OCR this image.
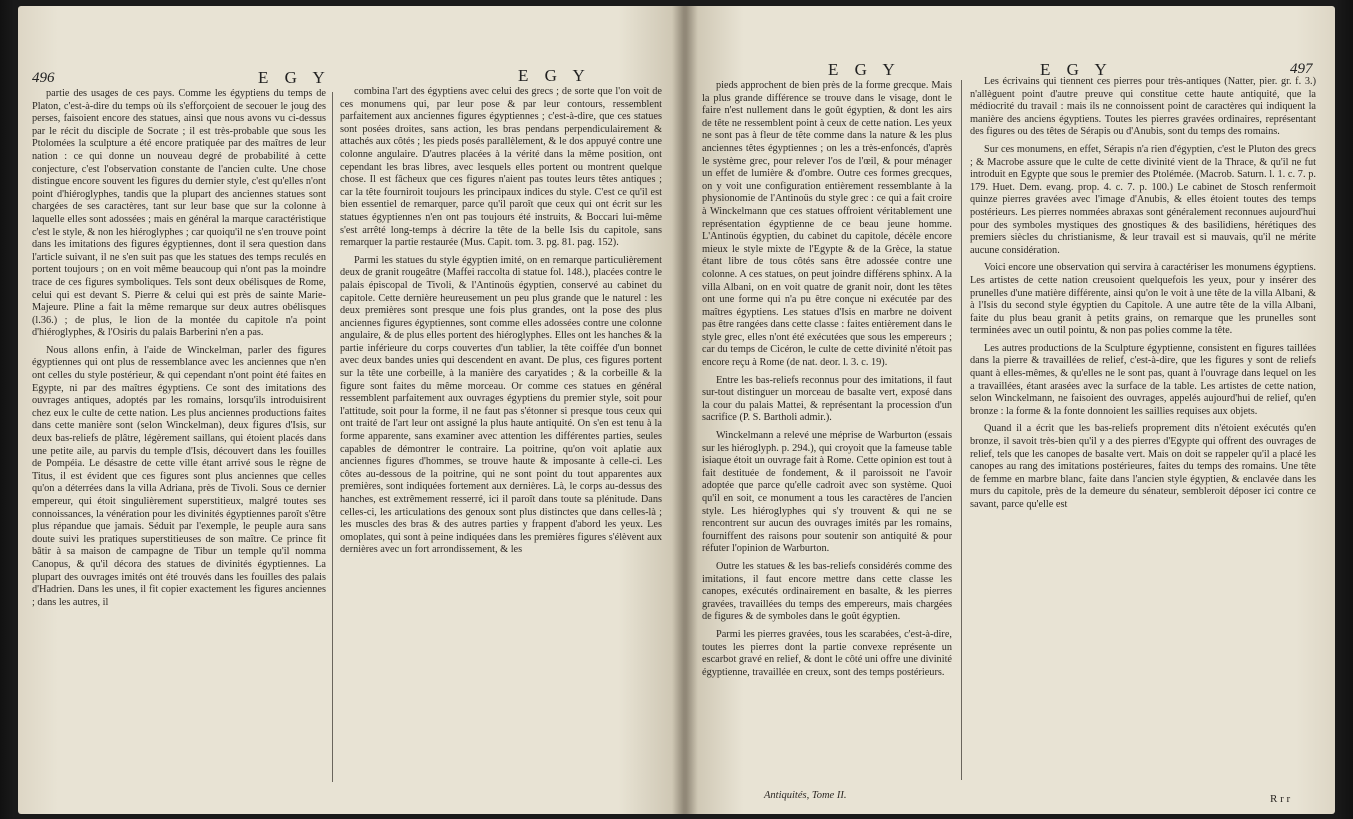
496	E G Y	E G Y

partie des usages de ces pays. Comme les égyptiens du temps de Platon, c'est-à-dire du temps où ils s'efforçoient de secouer le joug des perses, faisoient encore des statues, ainsi que nous avons vu ci-dessus par le récit du disciple de Socrate ; il est très-probable que sous les Ptolomées la sculpture a été encore pratiquée par des maîtres de leur nation : ce qui donne un nouveau degré de probabilité à cette conjecture, c'est l'observation constante de l'ancien culte. Une chose distingue encore souvent les figures du dernier style, c'est qu'elles n'ont point d'hiéroglyphes, tandis que la plupart des anciennes statues sont chargées de ses caractères, tant sur leur base que sur la colonne à laquelle elles sont adossées ; mais en général la marque caractéristique c'est le style, & non les hiéroglyphes ; car quoiqu'il ne s'en trouve point dans les imitations des figures égyptiennes, dont il sera question dans l'article suivant, il ne s'en suit pas que les statues des temps reculés en portent toujours ; on en voit même beaucoup qui n'ont pas la moindre trace de ces figures symboliques. Tels sont deux obélisques de Rome, celui qui est devant S. Pierre & celui qui est près de sainte Marie-Majeure. Pline a fait la même remarque sur deux autres obélisques (l.36.) ; de plus, le lion de la montée du capitole n'a point d'hiéroglyphes, & l'Osiris du palais Barberini n'en a pas.

Nous allons enfin, à l'aide de Winckelman, parler des figures égyptiennes qui ont plus de ressemblance avec les anciennes que n'en ont celles du style postérieur, & qui cependant n'ont point été faites en Egypte, ni par des maîtres égyptiens. Ce sont des imitations des ouvrages antiques, adoptés par les romains, lorsqu'ils introduisirent chez eux le culte de cette nation. Les plus anciennes productions faites dans cette manière sont (selon Winckelman), deux figures d'Isis, sur deux bas-reliefs de plâtre, légèrement saillans, qui étoient placés dans une petite aile, au parvis du temple d'Isis, découvert dans les fouilles de Pompéia. Le désastre de cette ville étant arrivé sous le règne de Titus, il est évident que ces figures sont plus anciennes que celles qu'on a déterrées dans la villa Adriana, près de Tivoli. Sous ce dernier empereur, qui étoit singulièrement superstitieux, malgré toutes ses connoissances, la vénération pour les divinités égyptiennes paroît s'être plus répandue que jamais. Séduit par l'exemple, le peuple aura sans doute suivi les pratiques superstitieuses de son maître. Ce prince fit bâtir à sa maison de campagne de Tibur un temple qu'il nomma Canopus, & qu'il décora des statues de divinités égyptiennes. La plupart des ouvrages imités ont été trouvés dans les fouilles des palais d'Hadrien. Dans les unes, il fit copier exactement les figures anciennes ; dans les autres, il

combina l'art des égyptiens avec celui des grecs ; de sorte que l'on voit de ces monumens qui, par leur pose & par leur contours, ressemblent parfaitement aux anciennes figures égyptiennes ; c'est-à-dire, que ces statues sont posées droites, sans action, les bras pendans perpendiculairement & attachés aux côtés ; les pieds posés parallèlement, & le dos appuyé contre une colonne angulaire. D'autres placées à la vérité dans la même position, ont cependant les bras libres, avec lesquels elles portent ou montrent quelque chose. Il est fâcheux que ces figures n'aient pas toutes leurs têtes antiques ; car la tête fourniroit toujours les principaux indices du style. C'est ce qu'il est bien essentiel de remarquer, parce qu'il paroît que ceux qui ont écrit sur les statues égyptiennes n'en ont pas toujours été instruits, & Boccari lui-même s'est arrêté long-temps à décrire la tête de la belle Isis du capitole, sans remarquer la partie restaurée (Mus. Capit. tom. 3. pg. 81. pag. 152).

Parmi les statues du style égyptien imité, on en remarque particulièrement deux de granit rougeâtre (Maffei raccolta di statue fol. 148.), placées contre le palais épiscopal de Tivoli, & l'Antinoüs égyptien, conservé au cabinet du capitole. Cette dernière heureusement un peu plus grande que le naturel : les deux premières sont presque une fois plus grandes, ont la pose des plus anciennes figures égyptiennes, sont comme elles adossées contre une colonne angulaire, & de plus elles portent des hiéroglyphes. Elles ont les hanches & la partie inférieure du corps couvertes d'un tablier, la tête coiffée d'un bonnet avec deux bandes unies qui descendent en avant. De plus, ces figures portent sur la tête une corbeille, à la manière des caryatides ; & la corbeille & la figure sont faites du même morceau. Or comme ces statues en général ressemblent parfaitement aux ouvrages égyptiens du premier style, soit pour l'attitude, soit pour la forme, il ne faut pas s'étonner si presque tous ceux qui ont traité de l'art leur ont assigné la plus haute antiquité. On s'en est tenu à la forme apparente, sans examiner avec attention les différentes parties, seules capables de démontrer le contraire. La poitrine, qu'on voit aplatie aux anciennes figures d'hommes, se trouve haute & imposante à celle-ci. Les côtes au-dessous de la poitrine, qui ne sont point du tout apparentes aux premières, sont indiquées fortement aux dernières. Là, le corps au-dessus des hanches, est extrêmement resserré, ici il paroît dans toute sa plénitude. Dans celles-ci, les articulations des genoux sont plus distinctes que dans celles-là ; les muscles des bras & des autres parties y frappent d'abord les yeux. Les omoplates, qui sont à peine indiquées dans les premières figures s'élèvent aux dernières avec un fort arrondissement, & les

E G Y	E G Y	497

pieds approchent de bien près de la forme grecque. Mais la plus grande différence se trouve dans le visage, dont le faire n'est nullement dans le goût égyptien, & dont les airs de tête ne ressemblent point à ceux de cette nation. Les yeux ne sont pas à fleur de tête comme dans la nature & les plus anciennes têtes égyptiennes ; on les a très-enfoncés, d'après le système grec, pour relever l'os de l'œil, & pour ménager un effet de lumière & d'ombre. Outre ces formes grecques, on y voit une configuration entièrement ressemblante à la physionomie de l'Antinoüs du style grec : ce qui a fait croire à Winckelmann que ces statues offroient véritablement une représentation égyptienne de ce beau jeune homme. L'Antinoüs égyptien, du cabinet du capitole, décèle encore mieux le style mixte de l'Egypte & de la Grèce, la statue étant libre de tous côtés sans être adossée contre une colonne. A ces statues, on peut joindre différens sphinx. A la villa Albani, on en voit quatre de granit noir, dont les têtes ont une forme qui n'a pu être conçue ni exécutée par des maîtres égyptiens. Les statues d'Isis en marbre ne doivent pas être rangées dans cette classe : faites entièrement dans le style grec, elles n'ont été exécutées que sous les empereurs ; car du temps de Cicéron, le culte de cette divinité n'étoit pas encore reçu à Rome (de nat. deor. l. 3. c. 19).

Entre les bas-reliefs reconnus pour des imitations, il faut sur-tout distinguer un morceau de basalte vert, exposé dans la cour du palais Mattei, & représentant la procession d'un sacrifice (P. S. Bartholi admir.).

Winckelmann a relevé une méprise de Warburton (essais sur les hiéroglyph. p. 294.), qui croyoit que la fameuse table isiaque étoit un ouvrage fait à Rome. Cette opinion est tout à fait destituée de fondement, & il paroissoit ne l'avoir adoptée que parce qu'elle cadroit avec son système. Quoi qu'il en soit, ce monument a tous les caractères de l'ancien style. Les hiéroglyphes qui s'y trouvent & qui ne se rencontrent sur aucun des ouvrages imités par les romains, fourniffent des raisons pour soutenir son antiquité & pour réfuter l'opinion de Warburton.

Outre les statues & les bas-reliefs considérés comme des imitations, il faut encore mettre dans cette classe les canopes, exécutés ordinairement en basalte, & les pierres gravées, travaillées du temps des empereurs, mais chargées de figures & de symboles dans le goût égyptien.

Parmi les pierres gravées, tous les scarabées, c'est-à-dire, toutes les pierres dont la partie convexe représente un escarbot gravé en relief, & dont le côté uni offre une divinité égyptienne, travaillée en creux, sont des temps postérieurs.

Les écrivains qui tiennent ces pierres pour très-antiques (Natter, pier. gr. f. 3.) n'allèguent point d'autre preuve qui constitue cette haute antiquité, que la médiocrité du travail : mais ils ne connoissent point de caractères qui indiquent la manière des anciens égyptiens. Toutes les pierres gravées ordinaires, représentant des figures ou des têtes de Sérapis ou d'Anubis, sont du temps des romains.

Sur ces monumens, en effet, Sérapis n'a rien d'égyptien, c'est le Pluton des grecs ; & Macrobe assure que le culte de cette divinité vient de la Thrace, & qu'il ne fut introduit en Egypte que sous le premier des Ptolémée. (Macrob. Saturn. l. 1. c. 7. p. 179. Huet. Dem. evang. prop. 4. c. 7. p. 100.) Le cabinet de Stosch renfermoit quinze pierres gravées avec l'image d'Anubis, & elles étoient toutes des temps postérieurs. Les pierres nommées abraxas sont généralement reconnues aujourd'hui pour des symboles mystiques des gnostiques & des basilidiens, hérétiques des premiers siècles du christianisme, & leur travail est si mauvais, qu'il ne mérite aucune considération.

Voici encore une observation qui servira à caractériser les monumens égyptiens. Les artistes de cette nation creusoient quelquefois les yeux, pour y insérer des prunelles d'une matière différente, ainsi qu'on le voit à une tête de la villa Albani, & à l'Isis du second style égyptien du Capitole. A une autre tête de la villa Albani, faite du plus beau granit à petits grains, on remarque que les prunelles sont terminées avec un outil pointu, & non pas polies comme la tête.

Les autres productions de la Sculpture égyptienne, consistent en figures taillées dans la pierre & travaillées de relief, c'est-à-dire, que les figures y sont de reliefs quant à elles-mêmes, & qu'elles ne le sont pas, quant à l'ouvrage dans lequel on les a travaillées, étant arasées avec la surface de la table. Les artistes de cette nation, selon Winckelmann, ne faisoient des ouvrages, appelés aujourd'hui de relief, qu'en bronze : la forme & la fonte donnoient les saillies requises aux objets.

Quand il a écrit que les bas-reliefs proprement dits n'étoient exécutés qu'en bronze, il savoit très-bien qu'il y a des pierres d'Egypte qui offrent des ouvrages de relief, tels que les canopes de basalte vert. Mais on doit se rappeler qu'il a placé les canopes au rang des imitations postérieures, faites du temps des romains. Une tête de femme en marbre blanc, faite dans l'ancien style égyptien, & enclavée dans les murs du capitole, près de la demeure du sénateur, sembleroit déposer ici contre ce savant, parce qu'elle est

Antiquités, Tome II.	R r r
